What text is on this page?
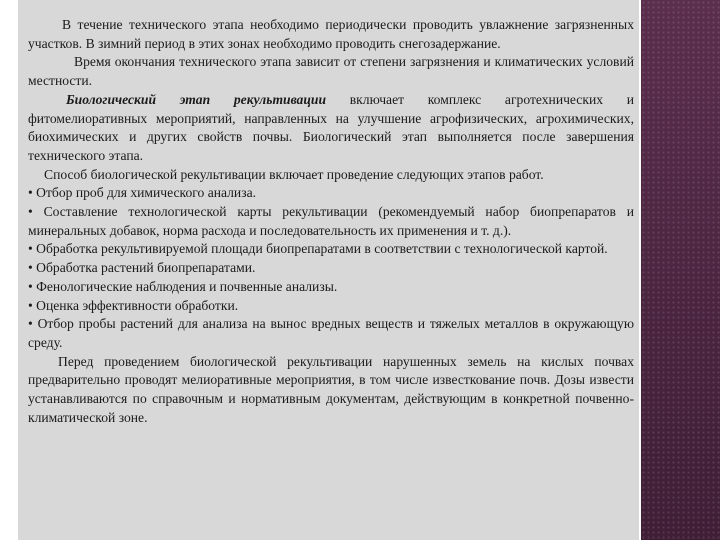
В течение технического этапа необходимо периодически проводить увлажнение загрязненных участков. В зимний период в этих зонах необходимо проводить снегозадержание.
Время окончания технического этапа зависит от степени загрязнения и климатических условий местности.
Биологический этап рекультивации включает комплекс агротехнических и фитомелиоративных мероприятий, направленных на улучшение агрофизических, агрохимических, биохимических и других свойств почвы. Биологический этап выполняется после завершения технического этапа.
Способ биологической рекультивации включает проведение следующих этапов работ.
• Отбор проб для химического анализа.
• Составление технологической карты рекультивации (рекомендуемый набор биопрепаратов и минеральных добавок, норма расхода и последовательность их применения и т. д.).
• Обработка рекультивируемой площади биопрепаратами в соответствии с технологической картой.
• Обработка растений биопрепаратами.
• Фенологические наблюдения и почвенные анализы.
• Оценка эффективности обработки.
• Отбор пробы растений для анализа на вынос вредных веществ и тяжелых металлов в окружающую среду.
Перед проведением биологической рекультивации нарушенных земель на кислых почвах предварительно проводят мелиоративные мероприятия, в том числе известкование почв. Дозы извести устанавливаются по справочным и нормативным документам, действующим в конкретной почвенно-климатической зоне.
